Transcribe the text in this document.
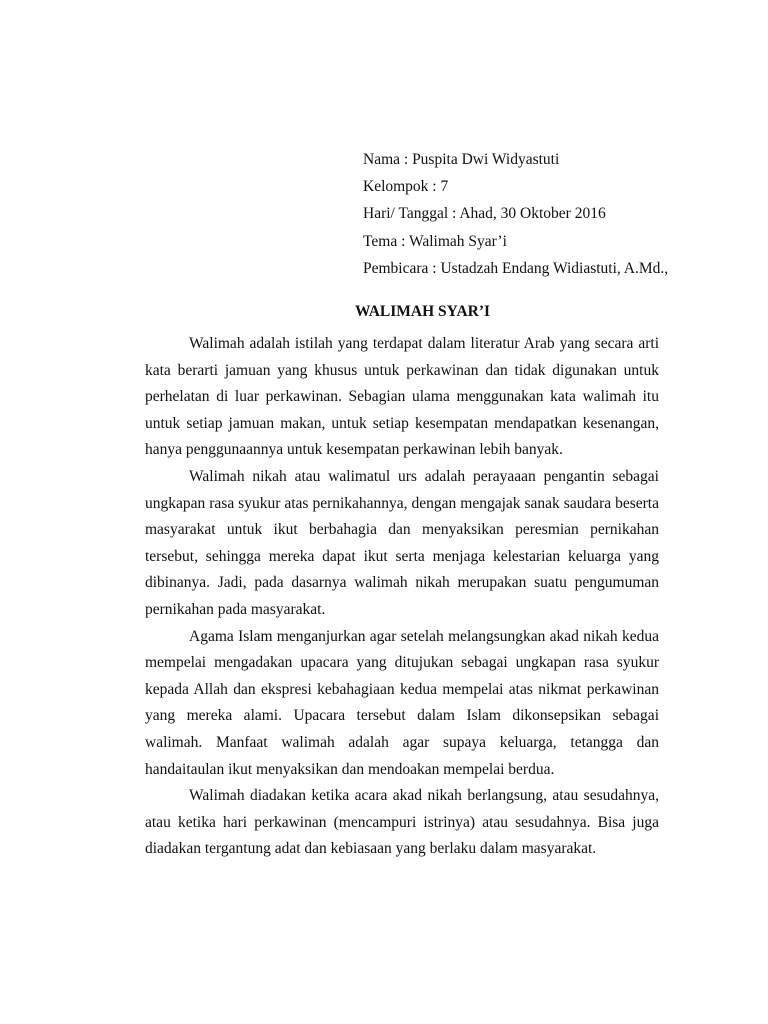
Nama : Puspita Dwi Widyastuti
Kelompok : 7
Hari/ Tanggal : Ahad, 30 Oktober 2016
Tema : Walimah Syar’i
Pembicara : Ustadzah Endang Widiastuti, A.Md.,
WALIMAH SYAR’I

Walimah adalah istilah yang terdapat dalam literatur Arab yang secara arti kata berarti jamuan yang khusus untuk perkawinan dan tidak digunakan untuk perhelatan di luar perkawinan. Sebagian ulama menggunakan kata walimah itu untuk setiap jamuan makan, untuk setiap kesempatan mendapatkan kesenangan, hanya penggunaannya untuk kesempatan perkawinan lebih banyak.

Walimah nikah atau walimatul urs adalah perayaaan pengantin sebagai ungkapan rasa syukur atas pernikahannya, dengan mengajak sanak saudara beserta masyarakat untuk ikut berbahagia dan menyaksikan peresmian pernikahan tersebut, sehingga mereka dapat ikut serta menjaga kelestarian keluarga yang dibinanya. Jadi, pada dasarnya walimah nikah merupakan suatu pengumuman pernikahan pada masyarakat.

Agama Islam menganjurkan agar setelah melangsungkan akad nikah kedua mempelai mengadakan upacara yang ditujukan sebagai ungkapan rasa syukur kepada Allah dan ekspresi kebahagiaan kedua mempelai atas nikmat perkawinan yang mereka alami. Upacara tersebut dalam Islam dikonsepsikan sebagai walimah. Manfaat walimah adalah agar supaya keluarga, tetangga dan handaitaulan ikut menyaksikan dan mendoakan mempelai berdua.

Walimah diadakan ketika acara akad nikah berlangsung, atau sesudahnya, atau ketika hari perkawinan (mencampuri istrinya) atau sesudahnya. Bisa juga diadakan tergantung adat dan kebiasaan yang berlaku dalam masyarakat.
